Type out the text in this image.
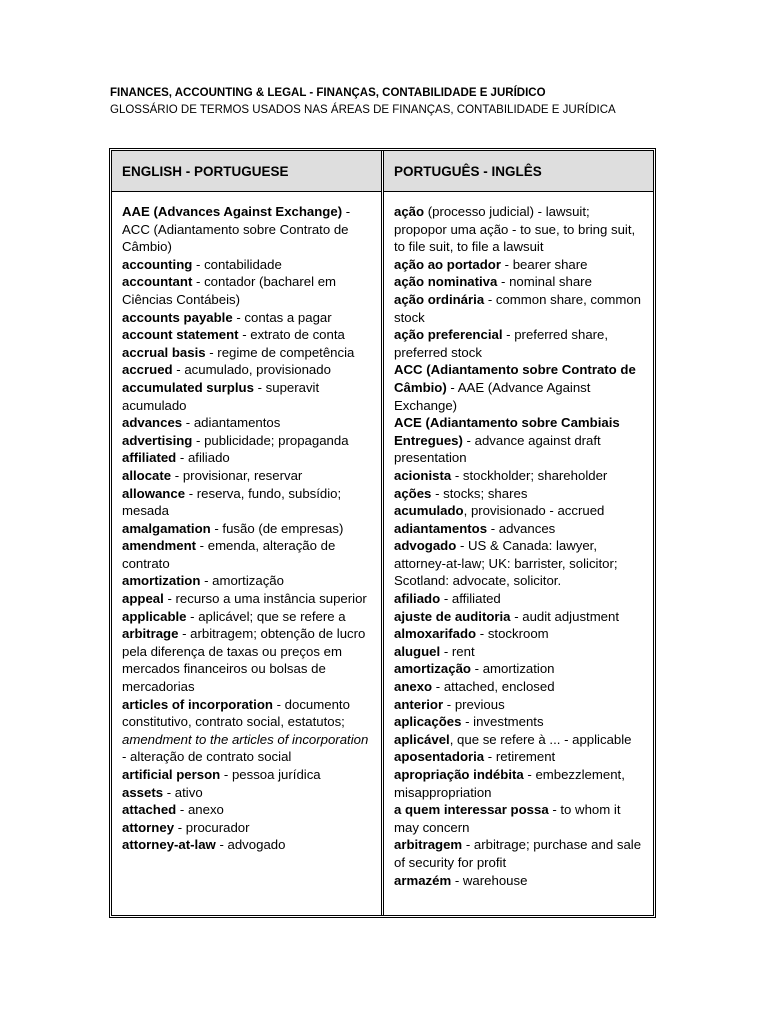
FINANCES, ACCOUNTING & LEGAL - FINANÇAS, CONTABILIDADE E JURÍDICO
GLOSSÁRIO DE TERMOS USADOS NAS ÁREAS DE FINANÇAS, CONTABILIDADE E JURÍDICA
ENGLISH - PORTUGUESE

AAE (Advances Against Exchange) - ACC (Adiantamento sobre Contrato de Câmbio)

accounting - contabilidade

accountant - contador (bacharel em Ciências Contábeis)

accounts payable - contas a pagar

account statement - extrato de conta

accrual basis - regime de competência

accrued - acumulado, provisionado

accumulated surplus - superavit acumulado

advances - adiantamentos

advertising - publicidade; propaganda

affiliated - afiliado

allocate - provisionar, reservar

allowance - reserva, fundo, subsídio; mesada

amalgamation - fusão (de empresas)

amendment - emenda, alteração de contrato

amortization - amortização

appeal - recurso a uma instância superior

applicable - aplicável; que se refere a

arbitrage - arbitragem; obtenção de lucro pela diferença de taxas ou preços em mercados financeiros ou bolsas de mercadorias

articles of incorporation - documento constitutivo, contrato social, estatutos; amendment to the articles of incorporation - alteração de contrato social

artificial person - pessoa jurídica

assets - ativo

attached - anexo

attorney - procurador

attorney-at-law - advogado

PORTUGUÊS - INGLÊS

ação (processo judicial) - lawsuit; propopor uma ação - to sue, to bring suit, to file suit, to file a lawsuit

ação ao portador - bearer share

ação nominativa - nominal share

ação ordinária - common share, common stock

ação preferencial - preferred share, preferred stock

ACC (Adiantamento sobre Contrato de Câmbio) - AAE (Advance Against Exchange)

ACE (Adiantamento sobre Cambiais Entregues) - advance against draft presentation

acionista - stockholder; shareholder

ações - stocks; shares

acumulado, provisionado - accrued

adiantamentos - advances

advogado - US & Canada: lawyer, attorney-at-law; UK: barrister, solicitor; Scotland: advocate, solicitor.

afiliado - affiliated

ajuste de auditoria - audit adjustment

almoxarifado - stockroom

aluguel - rent

amortização - amortization

anexo - attached, enclosed

anterior - previous

aplicações - investments

aplicável, que se refere à ... - applicable

aposentadoria - retirement

apropriação indébita - embezzlement, misappropriation

a quem interessar possa - to whom it may concern

arbitragem - arbitrage; purchase and sale of security for profit

armazém - warehouse
